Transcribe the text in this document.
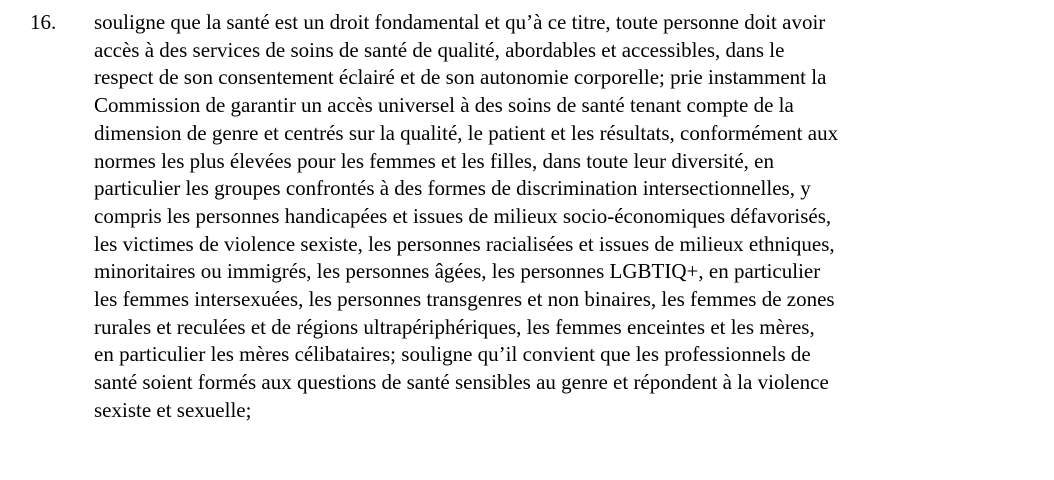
16.	souligne que la santé est un droit fondamental et qu’à ce titre, toute personne doit avoir
accès à des services de soins de santé de qualité, abordables et accessibles, dans le
respect de son consentement éclairé et de son autonomie corporelle; prie instamment la
Commission de garantir un accès universel à des soins de santé tenant compte de la
dimension de genre et centrés sur la qualité, le patient et les résultats, conformément aux
normes les plus élevées pour les femmes et les filles, dans toute leur diversité, en
particulier les groupes confrontés à des formes de discrimination intersectionnelles, y
compris les personnes handicapées et issues de milieux socio-économiques défavorisés,
les victimes de violence sexiste, les personnes racialisées et issues de milieux ethniques,
minoritaires ou immigrés, les personnes âgées, les personnes LGBTIQ+, en particulier
les femmes intersexuées, les personnes transgenres et non binaires, les femmes de zones
rurales et reculées et de régions ultrapériphériques, les femmes enceintes et les mères,
en particulier les mères célibataires; souligne qu’il convient que les professionnels de
santé soient formés aux questions de santé sensibles au genre et répondent à la violence
sexiste et sexuelle;
